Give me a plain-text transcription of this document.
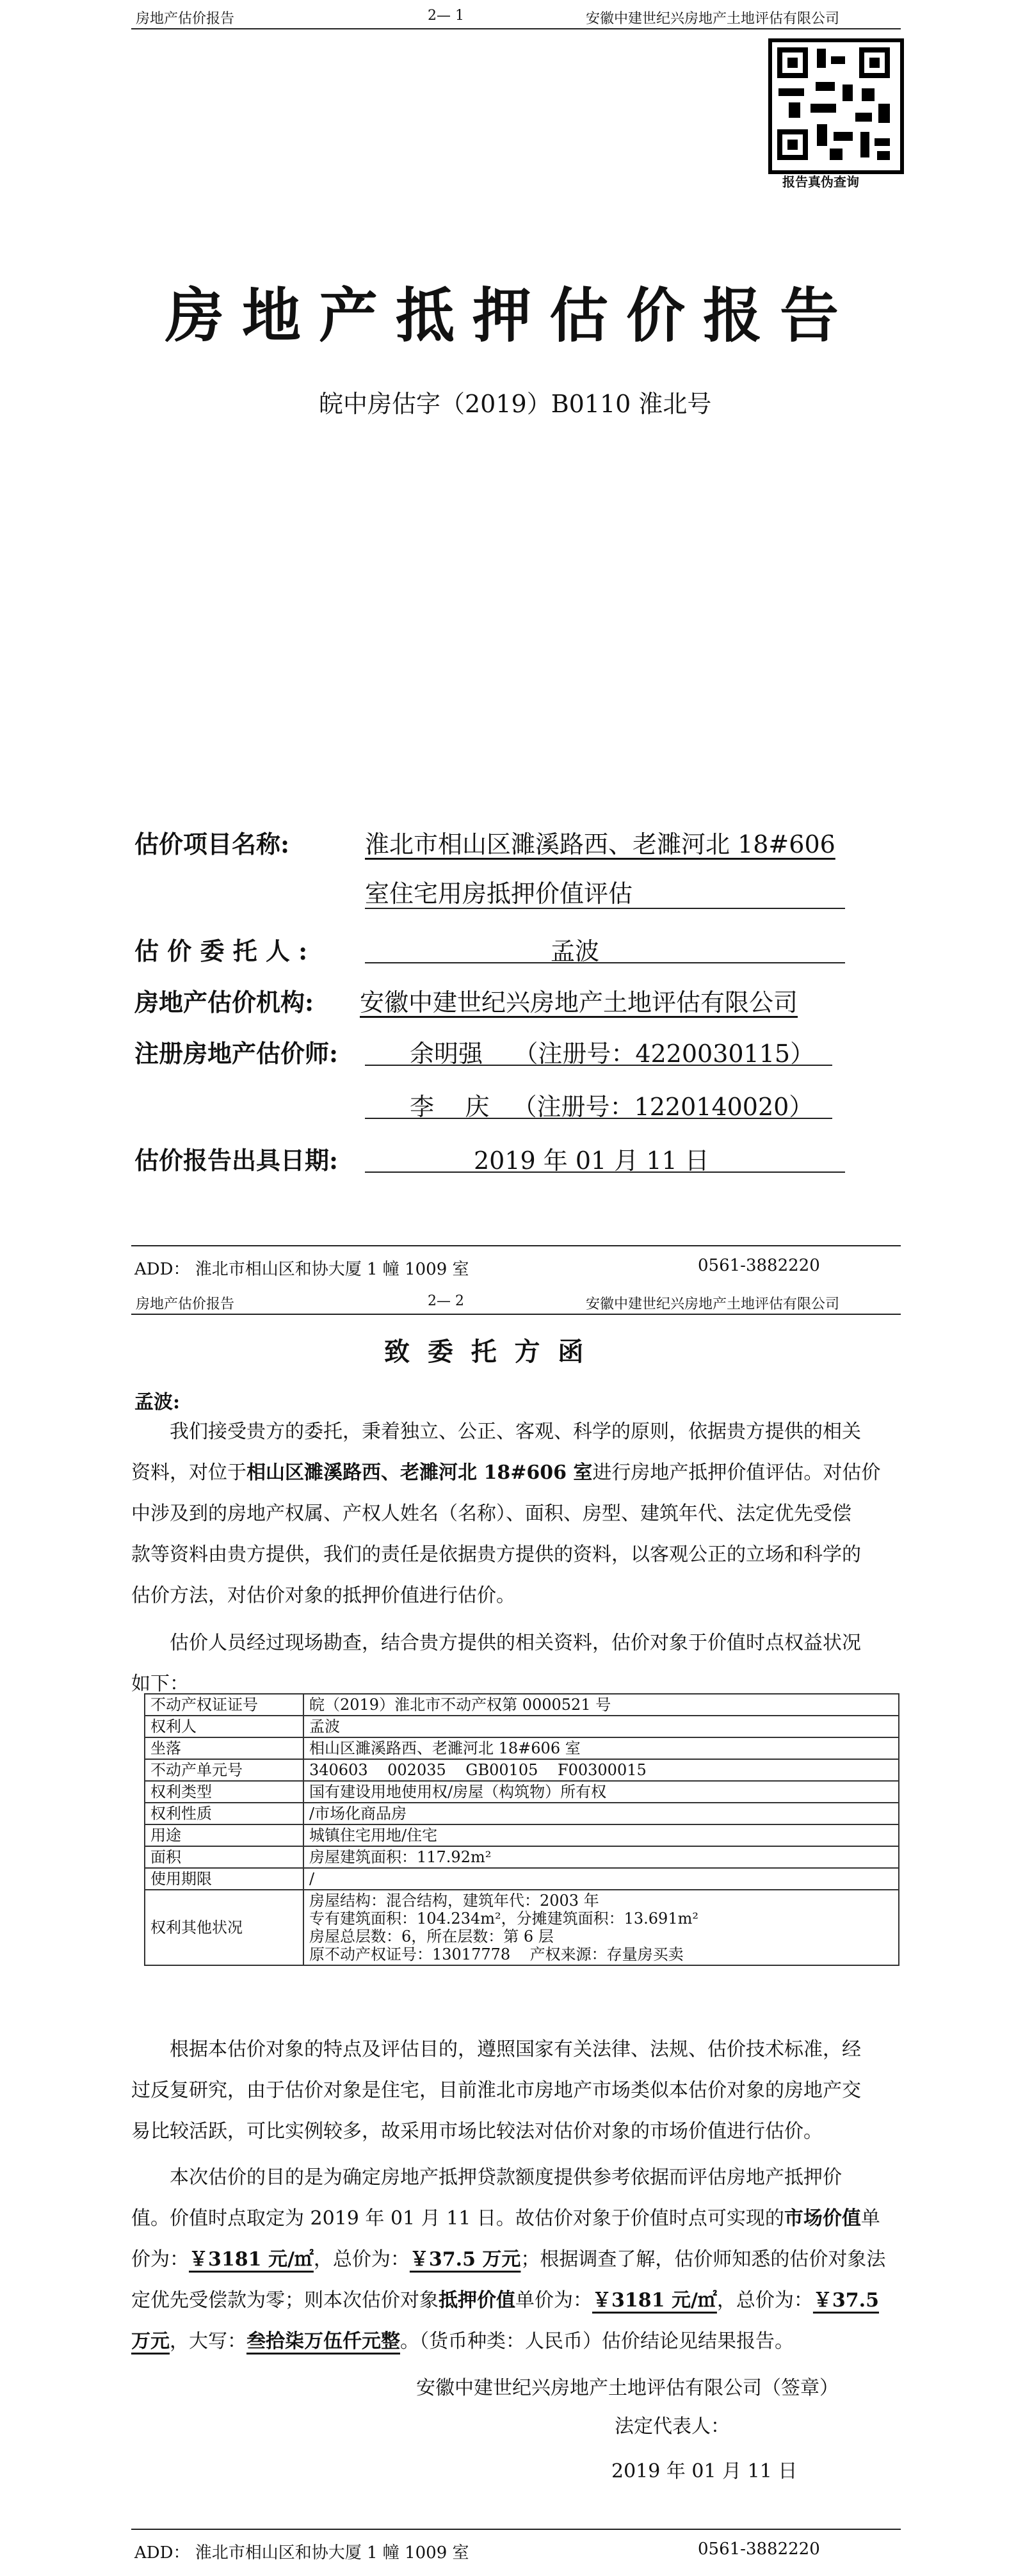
房地产估价报告	2— 1	安徽中建世纪兴房地产土地评估有限公司
报告真伪查询
房地产抵押估价报告
皖中房估字（2019）B0110 淮北号
估价项目名称:	淮北市相山区濉溪路西、老濉河北 18#606
室住宅用房抵押价值评估
估 价 委 托 人 :	孟波
房地产估价机构: 安徽中建世纪兴房地产土地评估有限公司
注册房地产估价师:	余明强    （注册号：4220030115）
李    庆   （注册号：1220140020）
估价报告出具日期:	2019 年 01 月 11 日
ADD： 淮北市相山区和协大厦 1 幢 1009 室	0561-3882220
房地产估价报告	2— 2	安徽中建世纪兴房地产土地评估有限公司
致  委  托  方  函
孟波:
我们接受贵方的委托，秉着独立、公正、客观、科学的原则，依据贵方提供的相关
资料，对位于相山区濉溪路西、老濉河北 18#606 室进行房地产抵押价值评估。对估价
中涉及到的房地产权属、产权人姓名（名称）、面积、房型、建筑年代、法定优先受偿
款等资料由贵方提供，我们的责任是依据贵方提供的资料，以客观公正的立场和科学的
估价方法，对估价对象的抵押价值进行估价。
估价人员经过现场勘查，结合贵方提供的相关资料，估价对象于价值时点权益状况
如下：
不动产权证证号	皖（2019）淮北市不动产权第 0000521 号
权利人	孟波
坐落	相山区濉溪路西、老濉河北 18#606 室
不动产单元号	340603    002035    GB00105    F00300015
权利类型	国有建设用地使用权/房屋（构筑物）所有权
权利性质	/市场化商品房
用途	城镇住宅用地/住宅
面积	房屋建筑面积：117.92m²
使用期限	/
权利其他状况	房屋结构：混合结构，建筑年代：2003 年
专有建筑面积：104.234m²，分摊建筑面积：13.691m²
房屋总层数：6，所在层数：第 6 层
原不动产权证号：13017778    产权来源：存量房买卖
根据本估价对象的特点及评估目的，遵照国家有关法律、法规、估价技术标准，经
过反复研究，由于估价对象是住宅，目前淮北市房地产市场类似本估价对象的房地产交
易比较活跃，可比实例较多，故采用市场比较法对估价对象的市场价值进行估价。
本次估价的目的是为确定房地产抵押贷款额度提供参考依据而评估房地产抵押价
值。价值时点取定为 2019 年 01 月 11 日。故估价对象于价值时点可实现的市场价值单
价为：￥3181 元/㎡，总价为：￥37.5 万元；根据调查了解，估价师知悉的估价对象法
定优先受偿款为零；则本次估价对象抵押价值单价为：￥3181 元/㎡，总价为：￥37.5
万元，大写：叁拾柒万伍仟元整。（货币种类：人民币）估价结论见结果报告。
安徽中建世纪兴房地产土地评估有限公司（签章）
法定代表人：
2019 年 01 月 11 日
ADD： 淮北市相山区和协大厦 1 幢 1009 室	0561-3882220
